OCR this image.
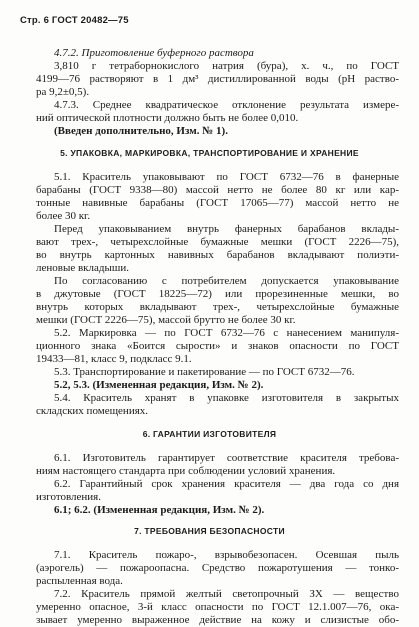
Стр. 6 ГОСТ 20482—75
4.7.2. Приготовление буферного раствора
3,810 г тетраборнокислого натрия (бура), х. ч., по ГОСТ
4199—76 растворяют в 1 дм³ дистиллированной воды (pH раство-
ра 9,2±0,5).
4.7.3. Среднее квадратическое отклонение результата измере-
ний оптической плотности должно быть не более 0,010.
(Введен дополнительно, Изм. № 1).
5.1. Краситель упаковывают по ГОСТ 6732—76 в фанерные
барабаны (ГОСТ 9338—80) массой нетто не более 80 кг или кар-
тонные навивные барабаны (ГОСТ 17065—77) массой нетто не
более 30 кг.
Перед упаковыванием внутрь фанерных барабанов вклады-
вают трех-, четырехслойные бумажные мешки (ГОСТ 2226—75),
во внутрь картонных навивных барабанов вкладывают полиэти-
леновые вкладыши.
По согласованию с потребителем допускается упаковывание
в джутовые (ГОСТ 18225—72) или прорезиненные мешки, во
внутрь которых вкладывают трех-, четырехслойные бумажные
мешки (ГОСТ 2226—75), массой брутто не более 30 кг.
5.2. Маркировка — по ГОСТ 6732—76 с нанесением манипуля-
ционного знака «Боится сырости» и знаков опасности по ГОСТ
19433—81, класс 9, подкласс 9.1.
5.3. Транспортирование и пакетирование — по ГОСТ 6732—76.
5.2, 5.3. (Измененная редакция, Изм. № 2).
5.4. Краситель хранят в упаковке изготовителя в закрытых
складских помещениях.
6.1. Изготовитель гарантирует соответствие красителя требова-
ниям настоящего стандарта при соблюдении условий хранения.
6.2. Гарантийный срок хранения красителя — два года со дня
изготовления.
6.1; 6.2. (Измененная редакция, Изм. № 2).
7.1. Краситель пожаро-, взрывобезопасен. Осевшая пыль
(аэрогель) — пожароопасна. Средство пожаротушения — тонко-
распыленная вода.
7.2. Краситель прямой желтый светопрочный ЗХ — вещество
умеренно опасное, 3-й класс опасности по ГОСТ 12.1.007—76, ока-
зывает умеренно выраженное действие на кожу и слизистые обо-
5. УПАКОВКА, МАРКИРОВКА, ТРАНСПОРТИРОВАНИЕ И ХРАНЕНИЕ
6. ГАРАНТИИ ИЗГОТОВИТЕЛЯ
7. ТРЕБОВАНИЯ БЕЗОПАСНОСТИ
